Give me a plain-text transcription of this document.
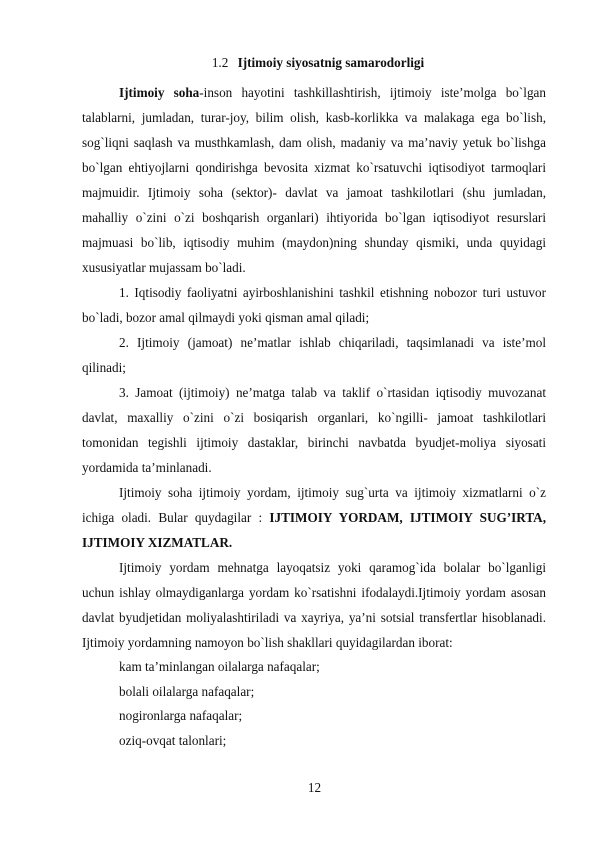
1.2 Ijtimoiy siyosatnig samarodorligi

Ijtimoiy soha-inson hayotini tashkillashtirish, ijtimoiy iste’molga bo`lgan talablarni, jumladan, turar-joy, bilim olish, kasb-korlikka va malakaga ega bo`lish, sog`liqni saqlash va musthkamlash, dam olish, madaniy va ma’naviy yetuk bo`lishga bo`lgan ehtiyojlarni qondirishga bevosita xizmat ko`rsatuvchi iqtisodiyot tarmoqlari majmuidir. Ijtimoiy soha (sektor)- davlat va jamoat tashkilotlari (shu jumladan, mahalliy o`zini o`zi boshqarish organlari) ihtiyorida bo`lgan iqtisodiyot resurslari majmuasi bo`lib, iqtisodiy muhim (maydon)ning shunday qismiki, unda quyidagi xususiyatlar mujassam bo`ladi.

1. Iqtisodiy faoliyatni ayirboshlanishini tashkil etishning nobozor turi ustuvor bo`ladi, bozor amal qilmaydi yoki qisman amal qiladi;

2. Ijtimoiy (jamoat) ne’matlar ishlab chiqariladi, taqsimlanadi va iste’mol qilinadi;

3. Jamoat (ijtimoiy) ne’matga talab va taklif o`rtasidan iqtisodiy muvozanat davlat, maxalliy o`zini o`zi bosiqarish organlari, ko`ngilli- jamoat tashkilotlari tomonidan tegishli ijtimoiy dastaklar, birinchi navbatda byudjet-moliya siyosati yordamida ta’minlanadi.

Ijtimoiy soha ijtimoiy yordam, ijtimoiy sug`urta va ijtimoiy xizmatlarni o`z ichiga oladi. Bular quydagilar : IJTIMOIY YORDAM, IJTIMOIY SUG’IRTA, IJTIMOIY XIZMATLAR.

Ijtimoiy yordam mehnatga layoqatsiz yoki qaramog`ida bolalar bo`lganligi uchun ishlay olmaydiganlarga yordam ko`rsatishni ifodalaydi.Ijtimoiy yordam asosan davlat byudjetidan moliyalashtiriladi va xayriya, ya’ni sotsial transfertlar hisoblanadi. Ijtimoiy yordamning namoyon bo`lish shakllari quyidagilardan iborat:

kam ta’minlangan oilalarga nafaqalar;
bolali oilalarga nafaqalar;
nogironlarga nafaqalar;
oziq-ovqat talonlari;
12
